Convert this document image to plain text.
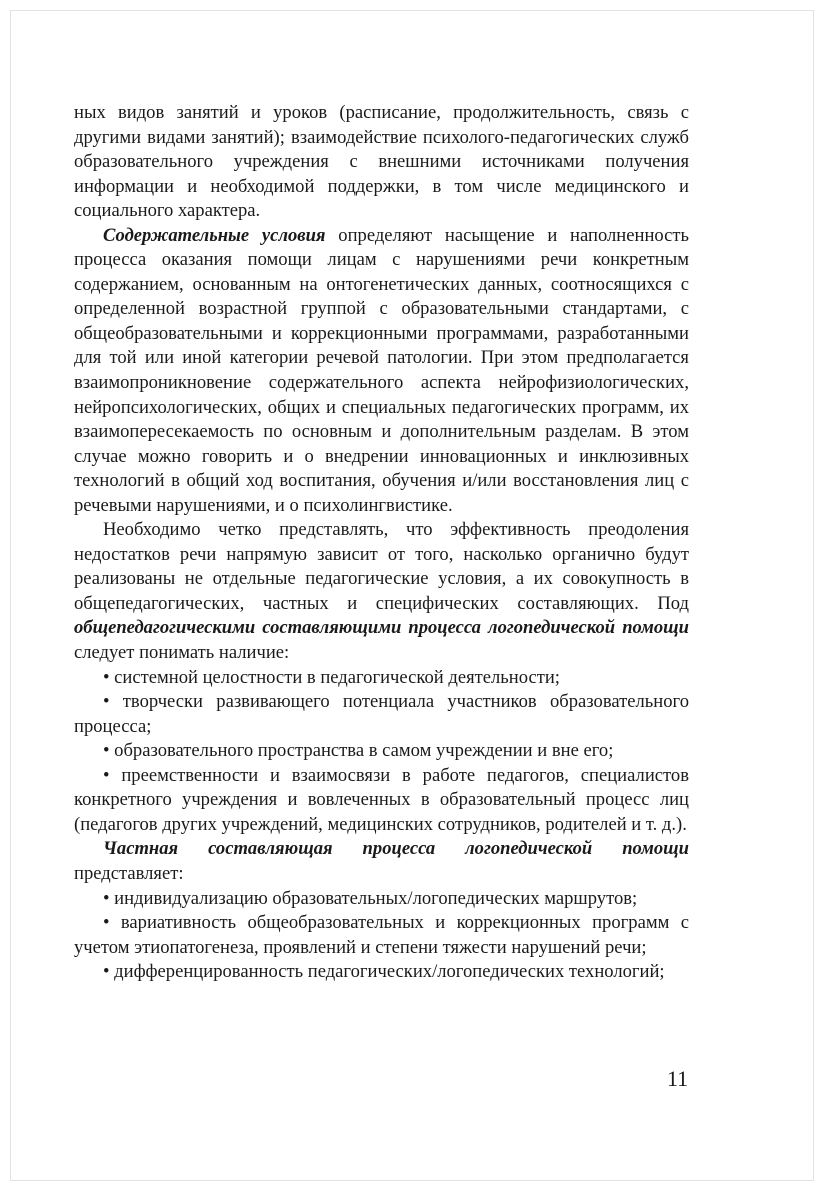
ных видов занятий и уроков (расписание, продолжительность, связь с другими видами занятий); взаимодействие психолого-педагогических служб образовательного учреждения с внешними источниками получения информации и необходимой поддержки, в том числе медицинского и социального характера.

Содержательные условия определяют насыщение и наполненность процесса оказания помощи лицам с нарушениями речи конкретным содержанием, основанным на онтогенетических данных, соотносящихся с определенной возрастной группой с образовательными стандартами, с общеобразовательными и коррекционными программами, разработанными для той или иной категории речевой патологии. При этом предполагается взаимопроникновение содержательного аспекта нейрофизиологических, нейропсихологических, общих и специальных педагогических программ, их взаимопересекаемость по основным и дополнительным разделам. В этом случае можно говорить и о внедрении инновационных и инклюзивных технологий в общий ход воспитания, обучения и/или восстановления лиц с речевыми нарушениями, и о психолингвистике.

Необходимо четко представлять, что эффективность преодоления недостатков речи напрямую зависит от того, насколько органично будут реализованы не отдельные педагогические условия, а их совокупность в общепедагогических, частных и специфических составляющих. Под общепедагогическими составляющими процесса логопедической помощи следует понимать наличие:

• системной целостности в педагогической деятельности;

• творчески развивающего потенциала участников образовательного процесса;

• образовательного пространства в самом учреждении и вне его;

• преемственности и взаимосвязи в работе педагогов, специалистов конкретного учреждения и вовлеченных в образовательный процесс лиц (педагогов других учреждений, медицинских сотрудников, родителей и т. д.).

Частная составляющая процесса логопедической помощи представляет:

• индивидуализацию образовательных/логопедических маршрутов;

• вариативность общеобразовательных и коррекционных программ с учетом этиопатогенеза, проявлений и степени тяжести нарушений речи;

• дифференцированность педагогических/логопедических технологий;

11
